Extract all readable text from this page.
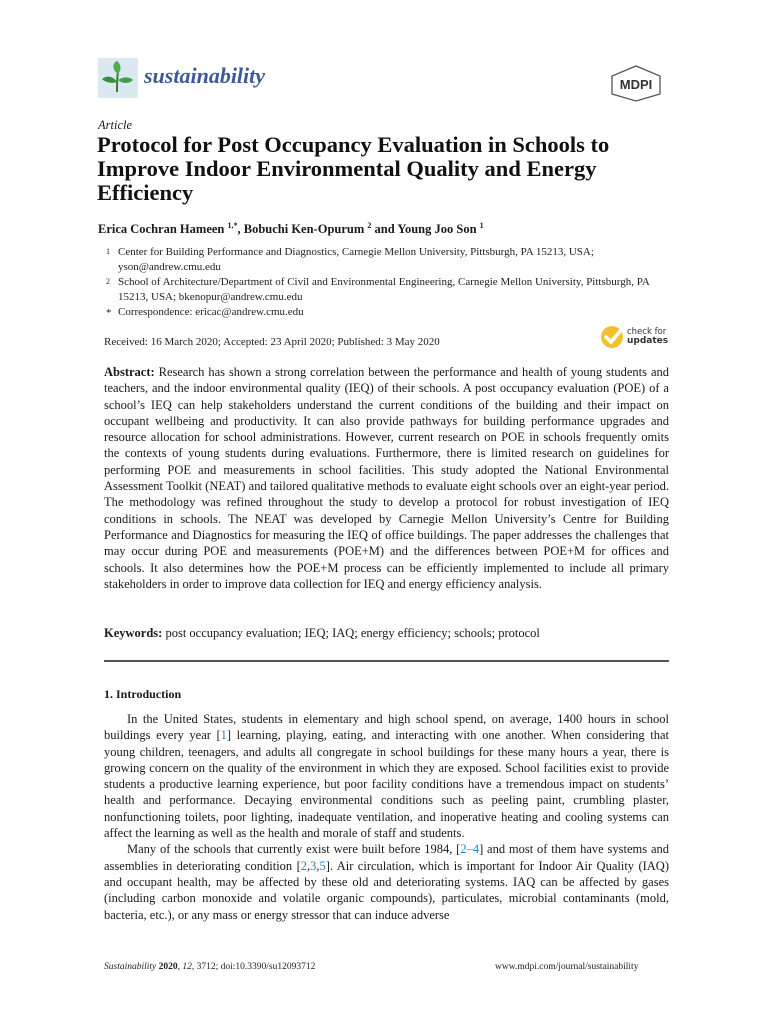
sustainability	MDPI
Article
Protocol for Post Occupancy Evaluation in Schools to Improve Indoor Environmental Quality and Energy Efficiency
Erica Cochran Hameen $^{1,*}$, Bobuchi Ken-Opurum $^2$ and Young Joo Son $^1$
1 Center for Building Performance and Diagnostics, Carnegie Mellon University, Pittsburgh, PA 15213, USA; yson@andrew.cmu.edu
2 School of Architecture/Department of Civil and Environmental Engineering, Carnegie Mellon University, Pittsburgh, PA 15213, USA; bkenopur@andrew.cmu.edu
* Correspondence: ericac@andrew.cmu.edu
Received: 16 March 2020; Accepted: 23 April 2020; Published: 3 May 2020
check for
updates
Abstract: Research has shown a strong correlation between the performance and health of young students and teachers, and the indoor environmental quality (IEQ) of their schools. A post occupancy evaluation (POE) of a school’s IEQ can help stakeholders understand the current conditions of the building and their impact on occupant wellbeing and productivity. It can also provide pathways for building performance upgrades and resource allocation for school administrations. However, current research on POE in schools frequently omits the contexts of young students during evaluations. Furthermore, there is limited research on guidelines for performing POE and measurements in school facilities. This study adopted the National Environmental Assessment Toolkit (NEAT) and tailored qualitative methods to evaluate eight schools over an eight-year period. The methodology was refined throughout the study to develop a protocol for robust investigation of IEQ conditions in schools. The NEAT was developed by Carnegie Mellon University’s Centre for Building Performance and Diagnostics for measuring the IEQ of office buildings. The paper addresses the challenges that may occur during POE and measurements (POE+M) and the differences between POE+M for offices and schools. It also determines how the POE+M process can be efficiently implemented to include all primary stakeholders in order to improve data collection for IEQ and energy efficiency analysis.
Keywords: post occupancy evaluation; IEQ; IAQ; energy efficiency; schools; protocol
1. Introduction

In the United States, students in elementary and high school spend, on average, 1400 hours in school buildings every year [1] learning, playing, eating, and interacting with one another. When considering that young children, teenagers, and adults all congregate in school buildings for these many hours a year, there is growing concern on the quality of the environment in which they are exposed. School facilities exist to provide students a productive learning experience, but poor facility conditions have a tremendous impact on students’ health and performance. Decaying environmental conditions such as peeling paint, crumbling plaster, nonfunctioning toilets, poor lighting, inadequate ventilation, and inoperative heating and cooling systems can affect the learning as well as the health and morale of staff and students.

Many of the schools that currently exist were built before 1984, [2–4] and most of them have systems and assemblies in deteriorating condition [2,3,5]. Air circulation, which is important for Indoor Air Quality (IAQ) and occupant health, may be affected by these old and deteriorating systems. IAQ can be affected by gases (including carbon monoxide and volatile organic compounds), particulates, microbial contaminants (mold, bacteria, etc.), or any mass or energy stressor that can induce adverse

Sustainability 2020, 12, 3712; doi:10.3390/su12093712	www.mdpi.com/journal/sustainability
